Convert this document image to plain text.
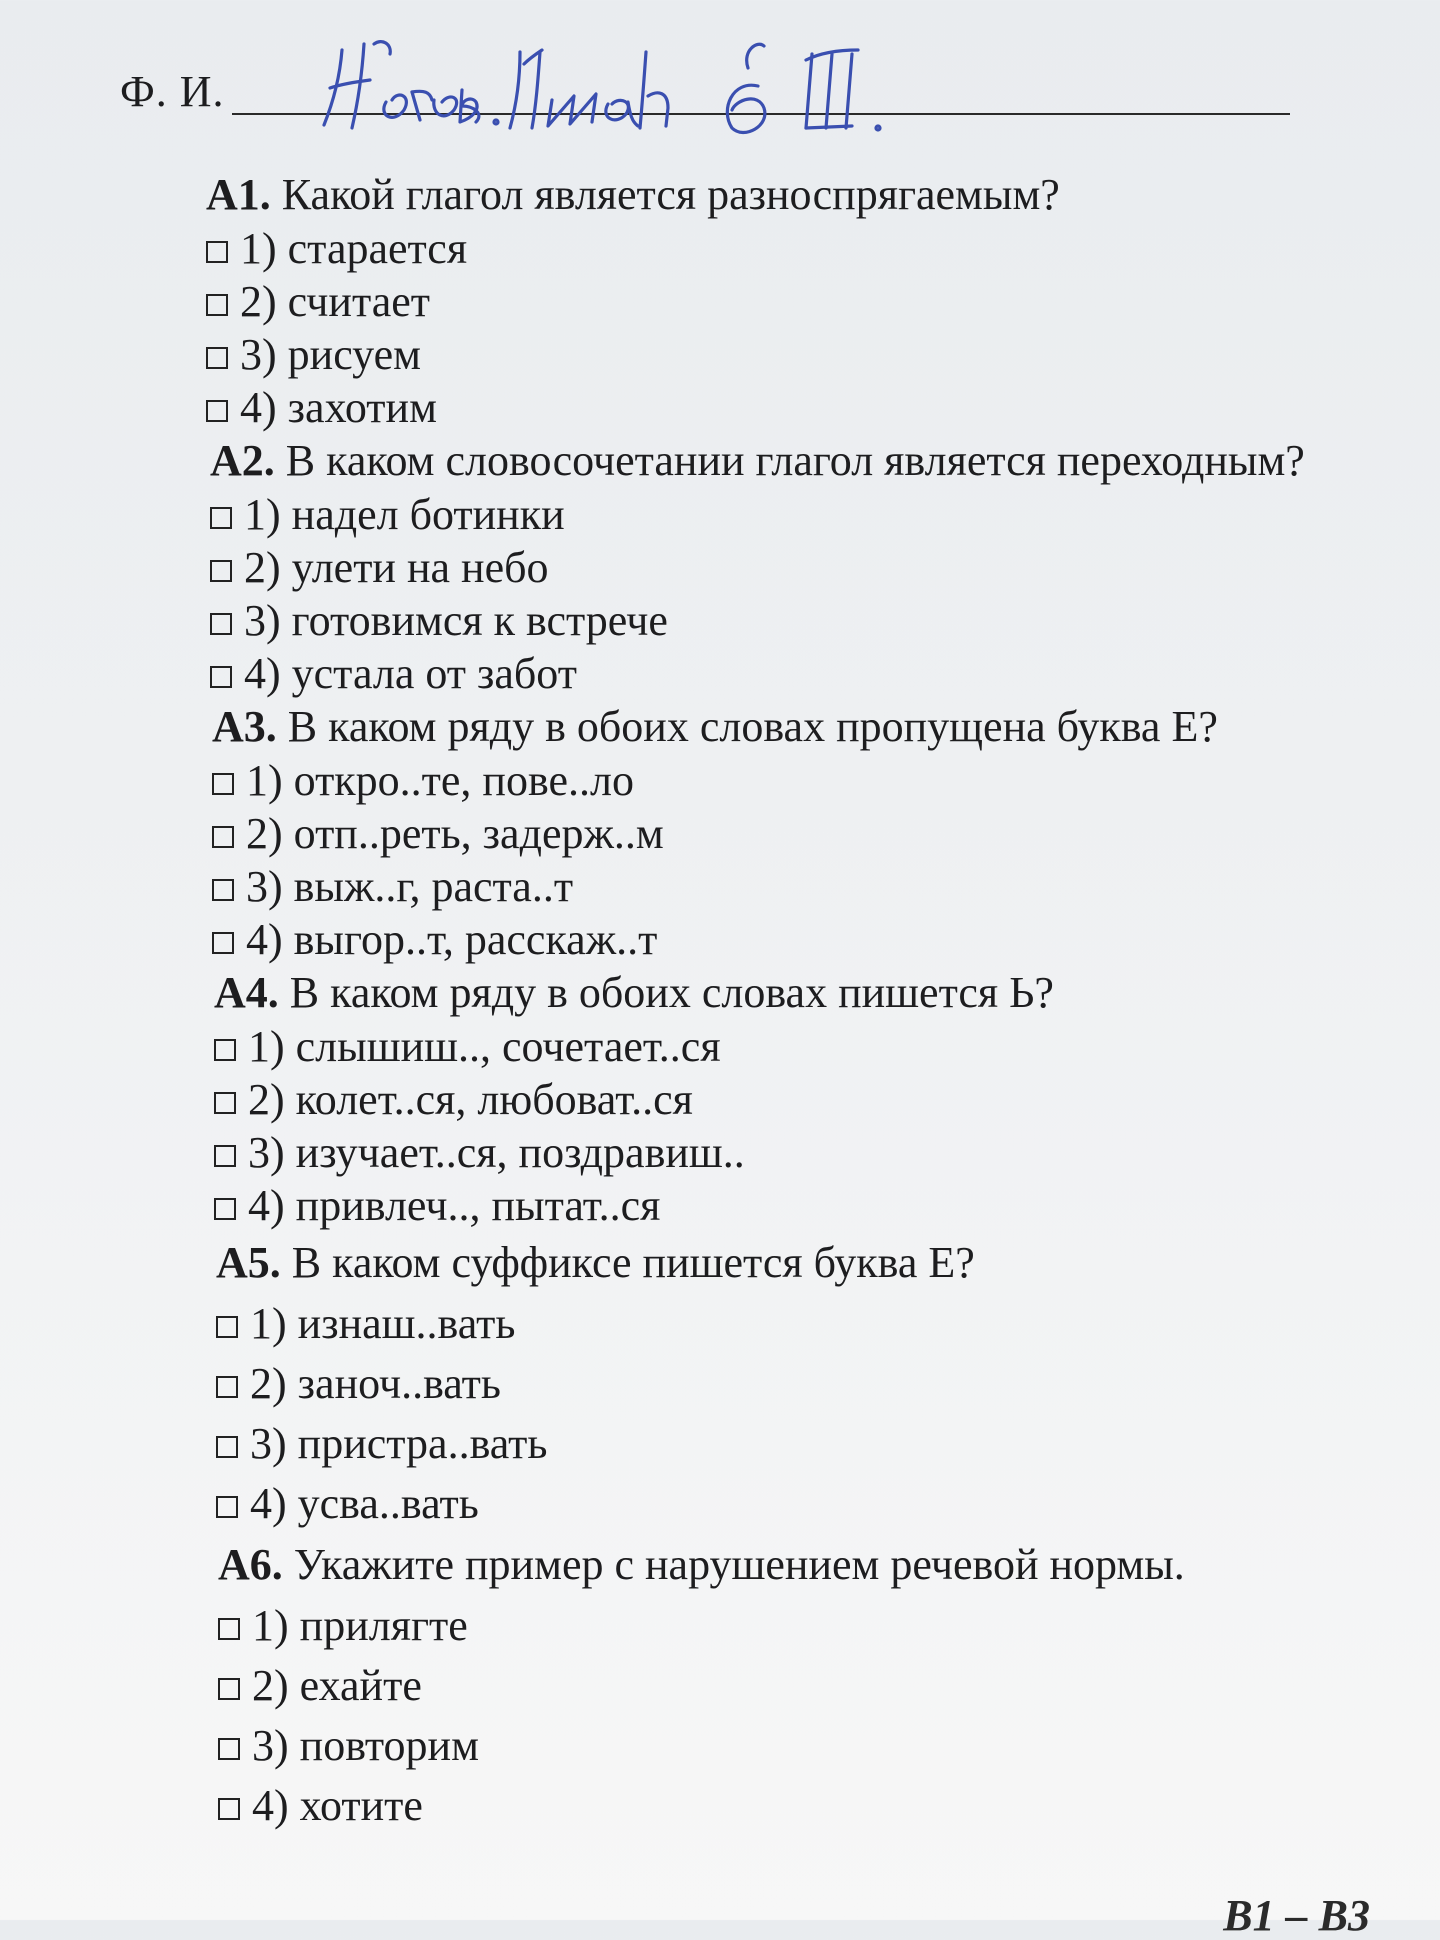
Ф. И.
А1. Какой глагол является разноспрягаемым?
1) старается
2) считает
3) рисуем
4) захотим
А2. В каком словосочетании глагол является переходным?
1) надел ботинки
2) улети на небо
3) готовимся к встрече
4) устала от забот
А3. В каком ряду в обоих словах пропущена буква Е?
1) откро..те, пове..ло
2) отп..реть, задерж..м
3) выж..г, раста..т
4) выгор..т, расскаж..т
А4. В каком ряду в обоих словах пишется Ь?
1) слышиш.., сочетает..ся
2) колет..ся, любоват..ся
3) изучает..ся, поздравиш..
4) привлеч.., пытат..ся
А5. В каком суффиксе пишется буква Е?
1) изнаш..вать
2) заноч..вать
3) пристра..вать
4) усва..вать
А6. Укажите пример с нарушением речевой нормы.
1) прилягте
2) ехайте
3) повторим
4) хотите
B1 – B3
